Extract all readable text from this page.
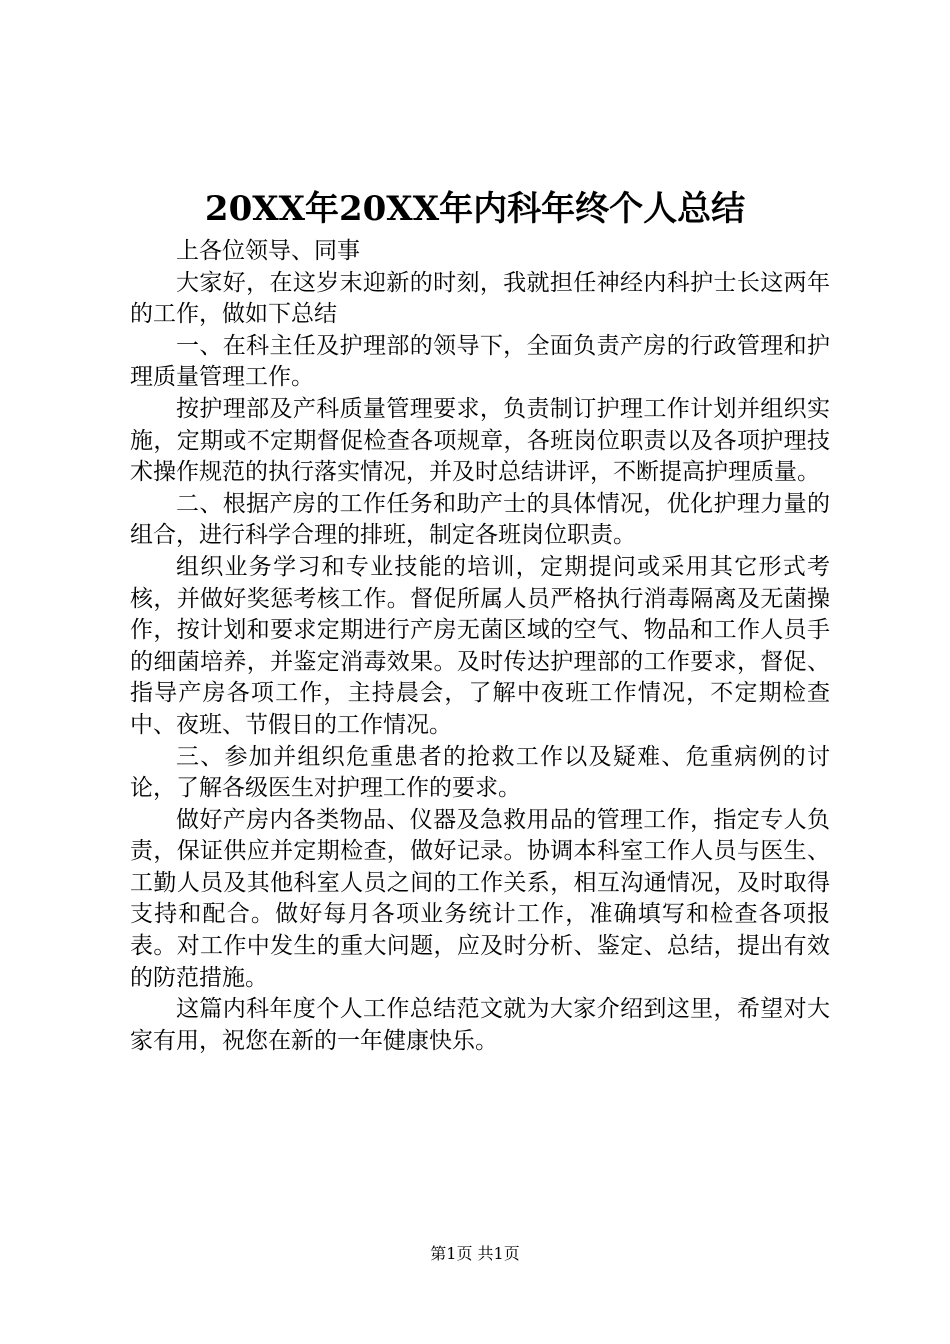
20XX年20XX年内科年终个人总结

上各位领导、同事

大家好，在这岁末迎新的时刻，我就担任神经内科护士长这两年的工作，做如下总结

一、在科主任及护理部的领导下，全面负责产房的行政管理和护理质量管理工作。

按护理部及产科质量管理要求，负责制订护理工作计划并组织实施，定期或不定期督促检查各项规章，各班岗位职责以及各项护理技术操作规范的执行落实情况，并及时总结讲评，不断提高护理质量。

二、根据产房的工作任务和助产士的具体情况，优化护理力量的组合，进行科学合理的排班，制定各班岗位职责。

组织业务学习和专业技能的培训，定期提问或采用其它形式考核，并做好奖惩考核工作。督促所属人员严格执行消毒隔离及无菌操作，按计划和要求定期进行产房无菌区域的空气、物品和工作人员手的细菌培养，并鉴定消毒效果。及时传达护理部的工作要求，督促、指导产房各项工作，主持晨会，了解中夜班工作情况，不定期检查中、夜班、节假日的工作情况。

三、参加并组织危重患者的抢救工作以及疑难、危重病例的讨论，了解各级医生对护理工作的要求。

做好产房内各类物品、仪器及急救用品的管理工作，指定专人负责，保证供应并定期检查，做好记录。协调本科室工作人员与医生、工勤人员及其他科室人员之间的工作关系，相互沟通情况，及时取得支持和配合。做好每月各项业务统计工作，准确填写和检查各项报表。对工作中发生的重大问题，应及时分析、鉴定、总结，提出有效的防范措施。

这篇内科年度个人工作总结范文就为大家介绍到这里，希望对大家有用，祝您在新的一年健康快乐。

第1页 共1页
